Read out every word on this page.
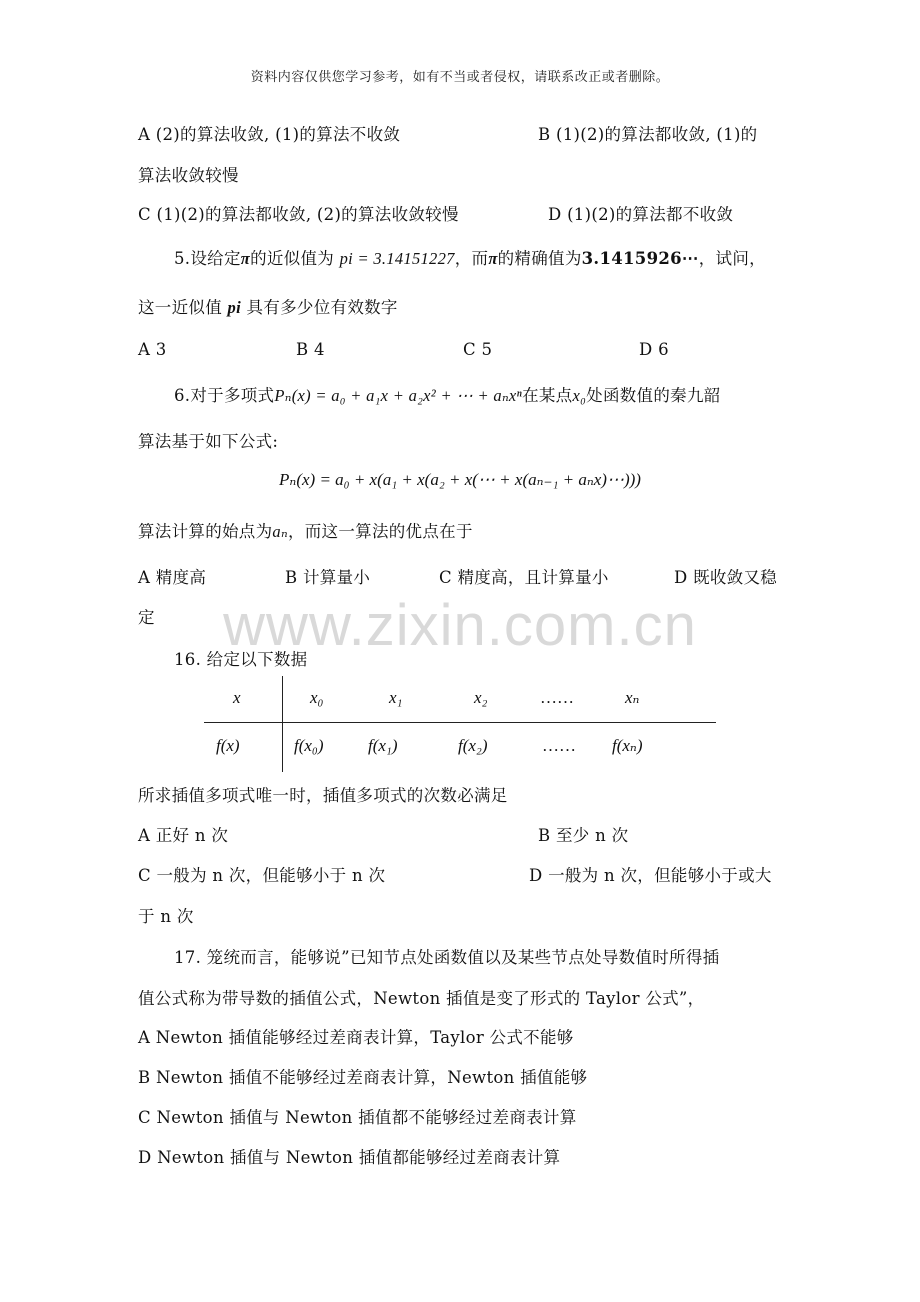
资料内容仅供您学习参考，如有不当或者侵权，请联系改正或者删除。
A (2)的算法收敛, (1)的算法不收敛	B (1)(2)的算法都收敛, (1)的
算法收敛较慢
C (1)(2)的算法都收敛, (2)的算法收敛较慢	D (1)(2)的算法都不收敛
5.设给定π的近似值为 pi = 3.14151227，而π的精确值为3.1415926⋯，试问，
这一近似值 pi 具有多少位有效数字
A 3	B 4	C 5	D 6
6.对于多项式Pₙ(x) = a₀ + a₁x + a₂x² + ⋯ + aₙxⁿ在某点x₀处函数值的秦九韶
算法基于如下公式:
Pₙ(x) = a₀ + x(a₁ + x(a₂ + x(⋯ + x(aₙ₋₁ + aₙx)⋯)))
算法计算的始点为aₙ，而这一算法的优点在于
A 精度高	B 计算量小	C 精度高，且计算量小	D 既收敛又稳
定	www.zixin.com.cn
16. 给定以下数据
x	x₀	x₁	x₂	……	xₙ
f(x)	f(x₀)	f(x₁)	f(x₂)	…… f(xₙ)
所求插值多项式唯一时，插值多项式的次数必满足
A 正好 n 次	B 至少 n 次
C 一般为 n 次，但能够小于 n 次	D 一般为 n 次，但能够小于或大
于 n 次
17. 笼统而言，能够说”已知节点处函数值以及某些节点处导数值时所得插
值公式称为带导数的插值公式，Newton 插值是变了形式的 Taylor 公式”，
A Newton 插值能够经过差商表计算，Taylor 公式不能够
B Newton 插值不能够经过差商表计算，Newton 插值能够
C Newton 插值与 Newton 插值都不能够经过差商表计算
D Newton 插值与 Newton 插值都能够经过差商表计算
